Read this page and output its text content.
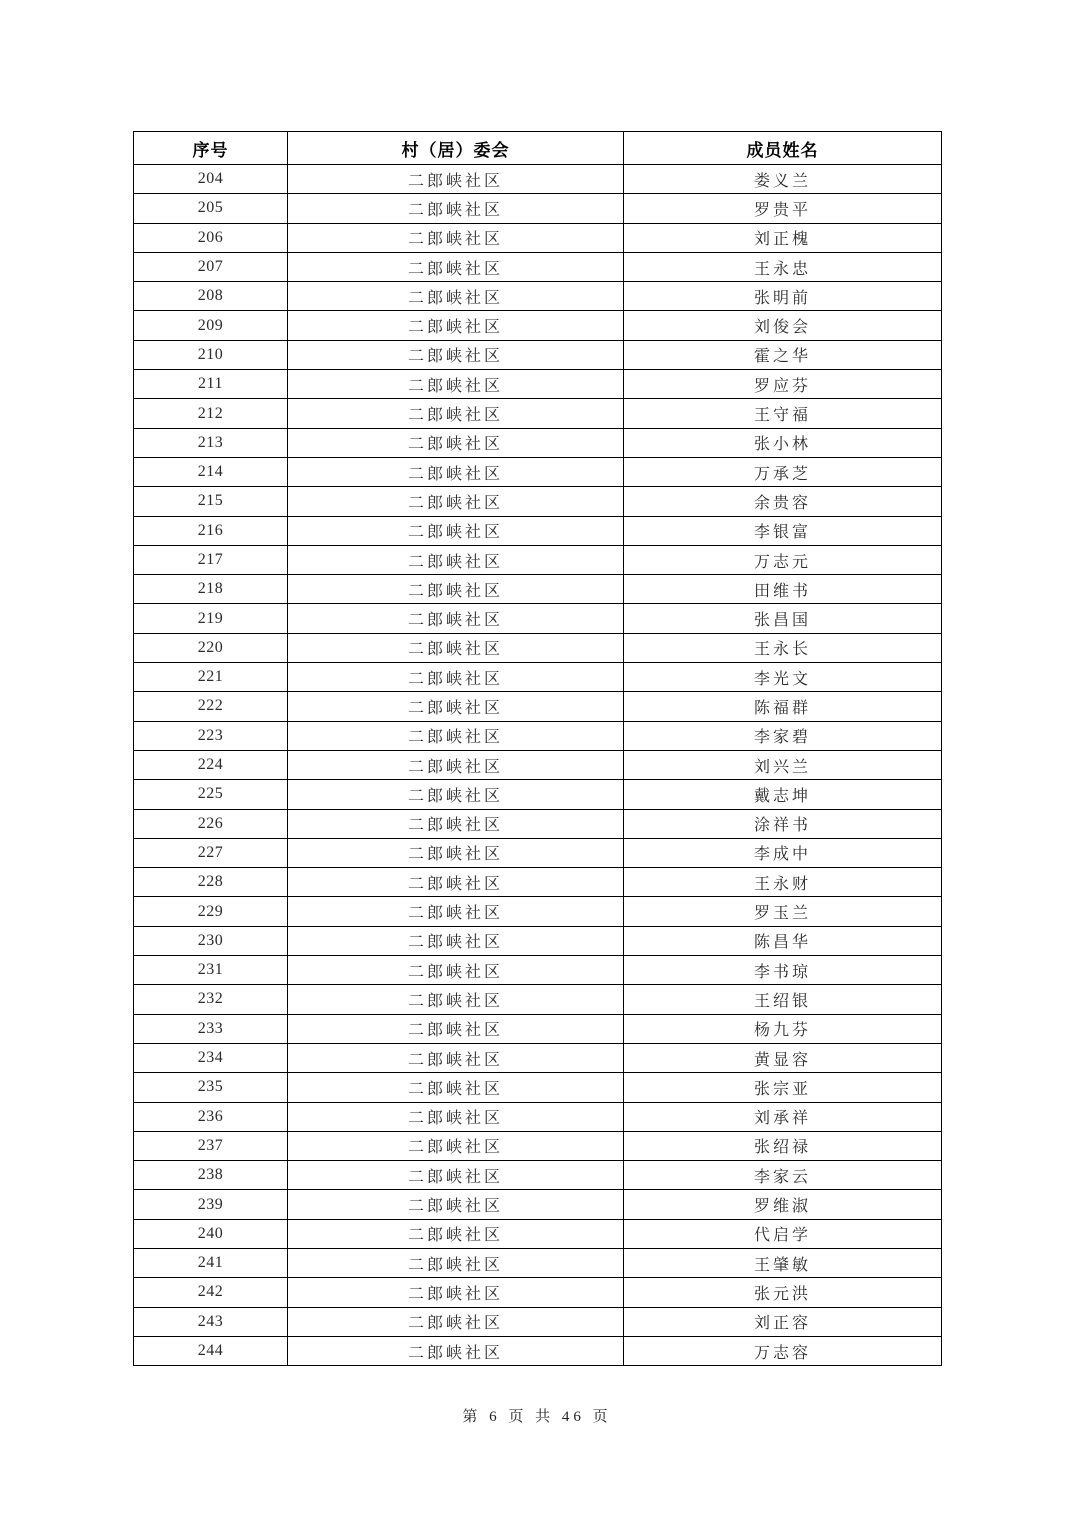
序号	村（居）委会	成员姓名
204	二郎峡社区	娄义兰
205	二郎峡社区	罗贵平
206	二郎峡社区	刘正槐
207	二郎峡社区	王永忠
208	二郎峡社区	张明前
209	二郎峡社区	刘俊会
210	二郎峡社区	霍之华
211	二郎峡社区	罗应芬
212	二郎峡社区	王守福
213	二郎峡社区	张小林
214	二郎峡社区	万承芝
215	二郎峡社区	余贵容
216	二郎峡社区	李银富
217	二郎峡社区	万志元
218	二郎峡社区	田维书
219	二郎峡社区	张昌国
220	二郎峡社区	王永长
221	二郎峡社区	李光文
222	二郎峡社区	陈福群
223	二郎峡社区	李家碧
224	二郎峡社区	刘兴兰
225	二郎峡社区	戴志坤
226	二郎峡社区	涂祥书
227	二郎峡社区	李成中
228	二郎峡社区	王永财
229	二郎峡社区	罗玉兰
230	二郎峡社区	陈昌华
231	二郎峡社区	李书琼
232	二郎峡社区	王绍银
233	二郎峡社区	杨九芬
234	二郎峡社区	黄显容
235	二郎峡社区	张宗亚
236	二郎峡社区	刘承祥
237	二郎峡社区	张绍禄
238	二郎峡社区	李家云
239	二郎峡社区	罗维淑
240	二郎峡社区	代启学
241	二郎峡社区	王肇敏
242	二郎峡社区	张元洪
243	二郎峡社区	刘正容
244	二郎峡社区	万志容
第 6 页 共 46 页
